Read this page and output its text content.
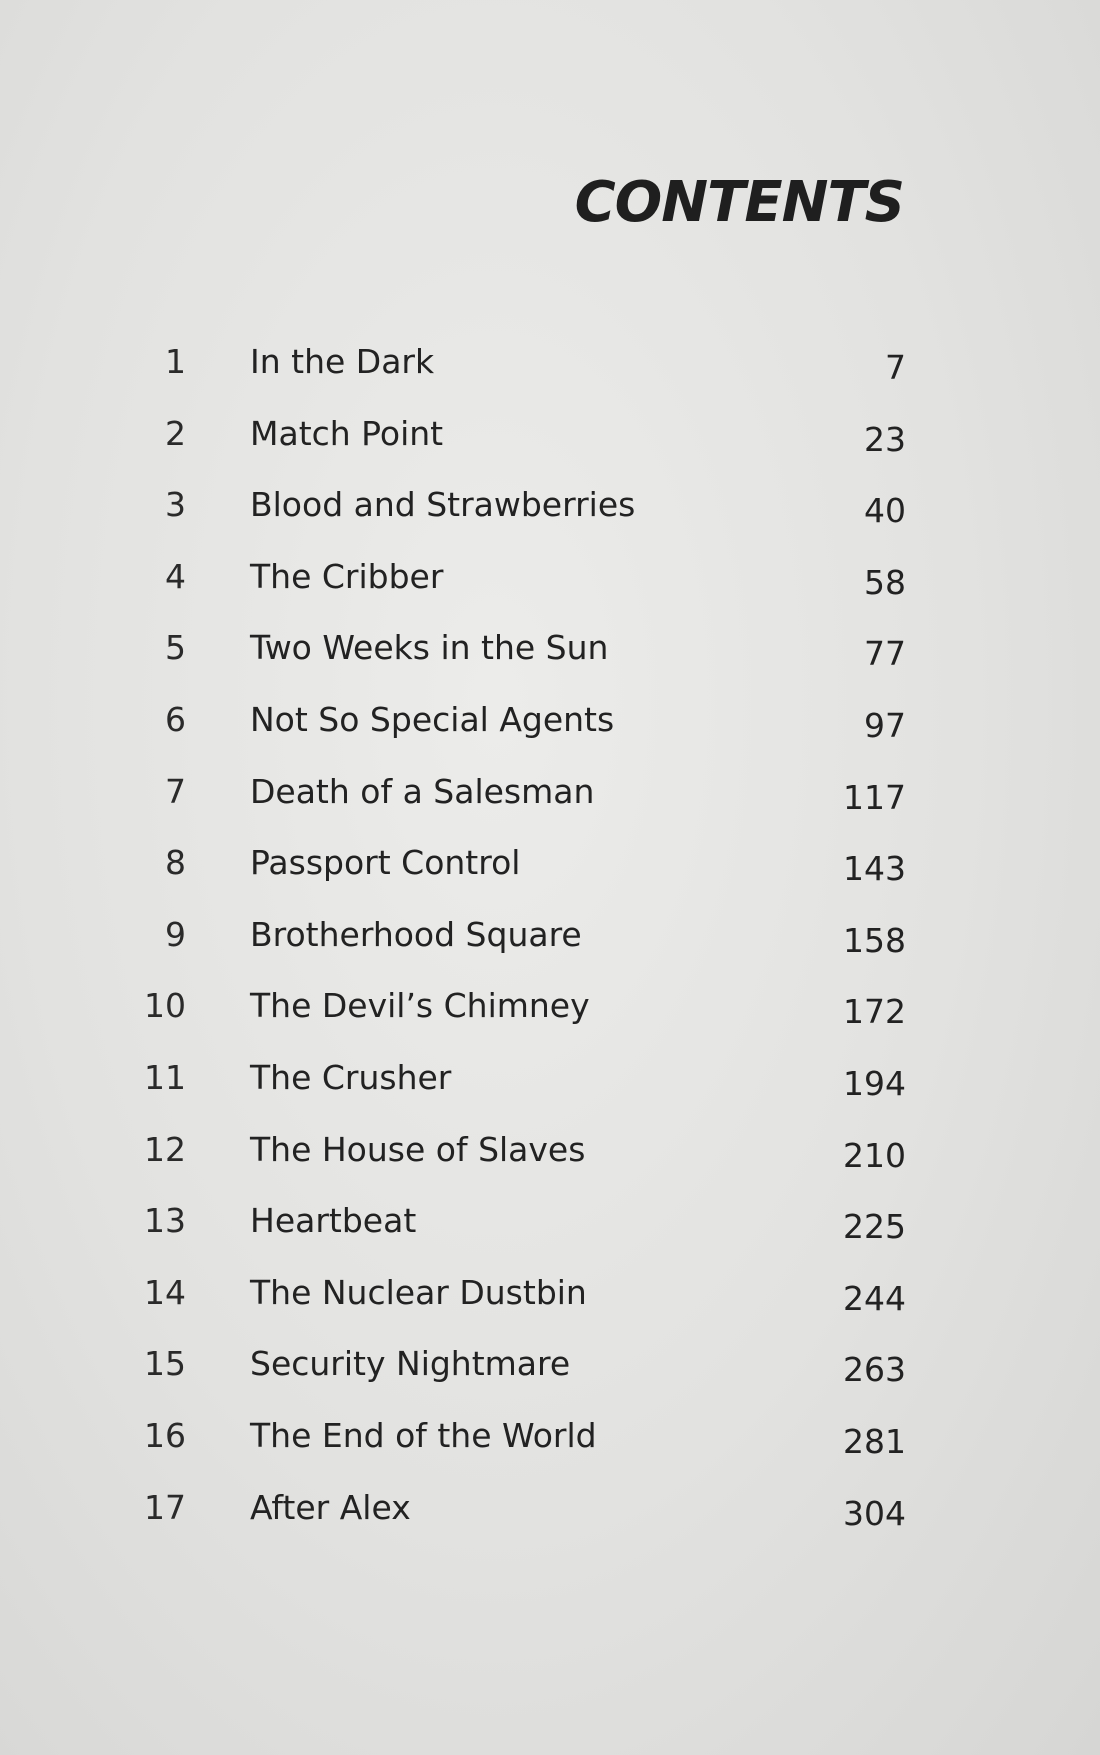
CONTENTS
1 In the Dark	7
2 Match Point	23
3 Blood and Strawberries	40
4 The Cribber	58
5 Two Weeks in the Sun	77
6 Not So Special Agents	97
7 Death of a Salesman	117
8 Passport Control	143
9 Brotherhood Square	158
10 The Devil’s Chimney	172
11 The Crusher	194
12 The House of Slaves	210
13 Heartbeat	225
14 The Nuclear Dustbin	244
15 Security Nightmare	263
16 The End of the World	281
17 After Alex	304
